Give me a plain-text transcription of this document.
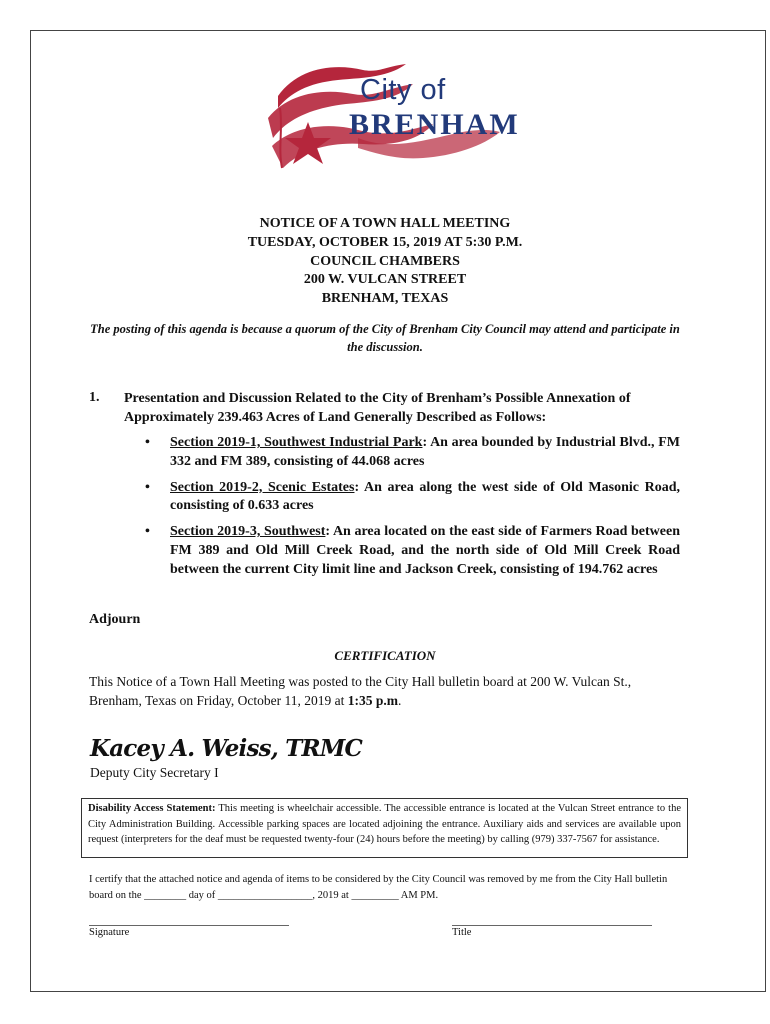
City of
BRENHAM
NOTICE OF A TOWN HALL MEETING
TUESDAY, OCTOBER 15, 2019 AT 5:30 P.M.
COUNCIL CHAMBERS
200 W. VULCAN STREET
BRENHAM, TEXAS
The posting of this agenda is because a quorum of the City of Brenham City Council may attend and participate in the discussion.
1. Presentation and Discussion Related to the City of Brenham’s Possible Annexation of Approximately 239.463 Acres of Land Generally Described as Follows:
• Section 2019-1, Southwest Industrial Park: An area bounded by Industrial Blvd., FM 332 and FM 389, consisting of 44.068 acres
• Section 2019-2, Scenic Estates: An area along the west side of Old Masonic Road, consisting of 0.633 acres
• Section 2019-3, Southwest: An area located on the east side of Farmers Road between FM 389 and Old Mill Creek Road, and the north side of Old Mill Creek Road between the current City limit line and Jackson Creek, consisting of 194.762 acres
Adjourn
CERTIFICATION
This Notice of a Town Hall Meeting was posted to the City Hall bulletin board at 200 W. Vulcan St., Brenham, Texas on Friday, October 11, 2019 at 1:35 p.m.
Kacey A. Weiss, TRMC
Deputy City Secretary I
Disability Access Statement: This meeting is wheelchair accessible. The accessible entrance is located at the Vulcan Street entrance to the City Administration Building. Accessible parking spaces are located adjoining the entrance. Auxiliary aids and services are available upon request (interpreters for the deaf must be requested twenty-four (24) hours before the meeting) by calling (979) 337-7567 for assistance.
I certify that the attached notice and agenda of items to be considered by the City Council was removed by me from the City Hall bulletin board on the ________ day of __________________, 2019 at _________ AM PM.
Signature	Title
